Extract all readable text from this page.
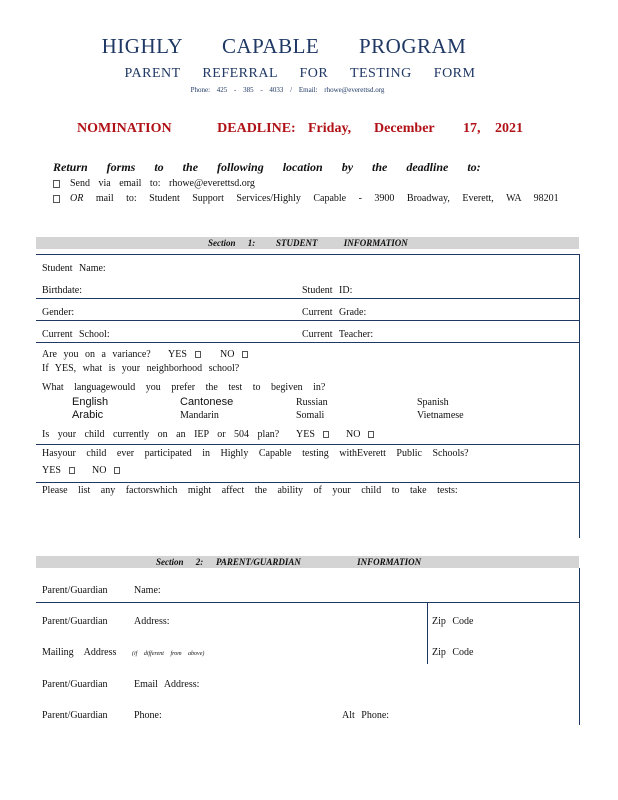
HIGHLY CAPABLE PROGRAM
PARENT REFERRAL FOR TESTING FORM
Phone: 425 - 385 - 4033 / Email: rhowe@everettsd.org
NOMINATION DEADLINE: Friday, December 17, 2021
Return forms to the following location by the deadline to:
Send via email to: rhowe@everettsd.org
OR mail to: Student Support Services/Highly Capable - 3900 Broadway, Everett, WA 98201
Section 1: STUDENT INFORMATION
Student Name:
Birthdate:	Student ID:
Gender:	Current Grade:
Current School:	Current Teacher:
Are you on a variance? YES	NO
If YES, what is your neighborhood school?
What languagewould you prefer the test to begiven in?
English	Cantonese	Russian	Spanish
Arabic	Mandarin	Somali	Vietnamese
Is your child currently on an IEP or 504 plan? YES	NO
Hasyour child ever participated in Highly Capable testing withEverett Public Schools?
YES	NO
Please list any factorswhich might affect the ability of your child to take tests:
Section 2: PARENT/GUARDIAN INFORMATION
Parent/Guardian	Name:
Parent/Guardian	Address:	Zip Code
Mailing Address	(if different from above)	Zip Code
Parent/Guardian	Email Address:
Parent/Guardian	Phone:	Alt Phone:
